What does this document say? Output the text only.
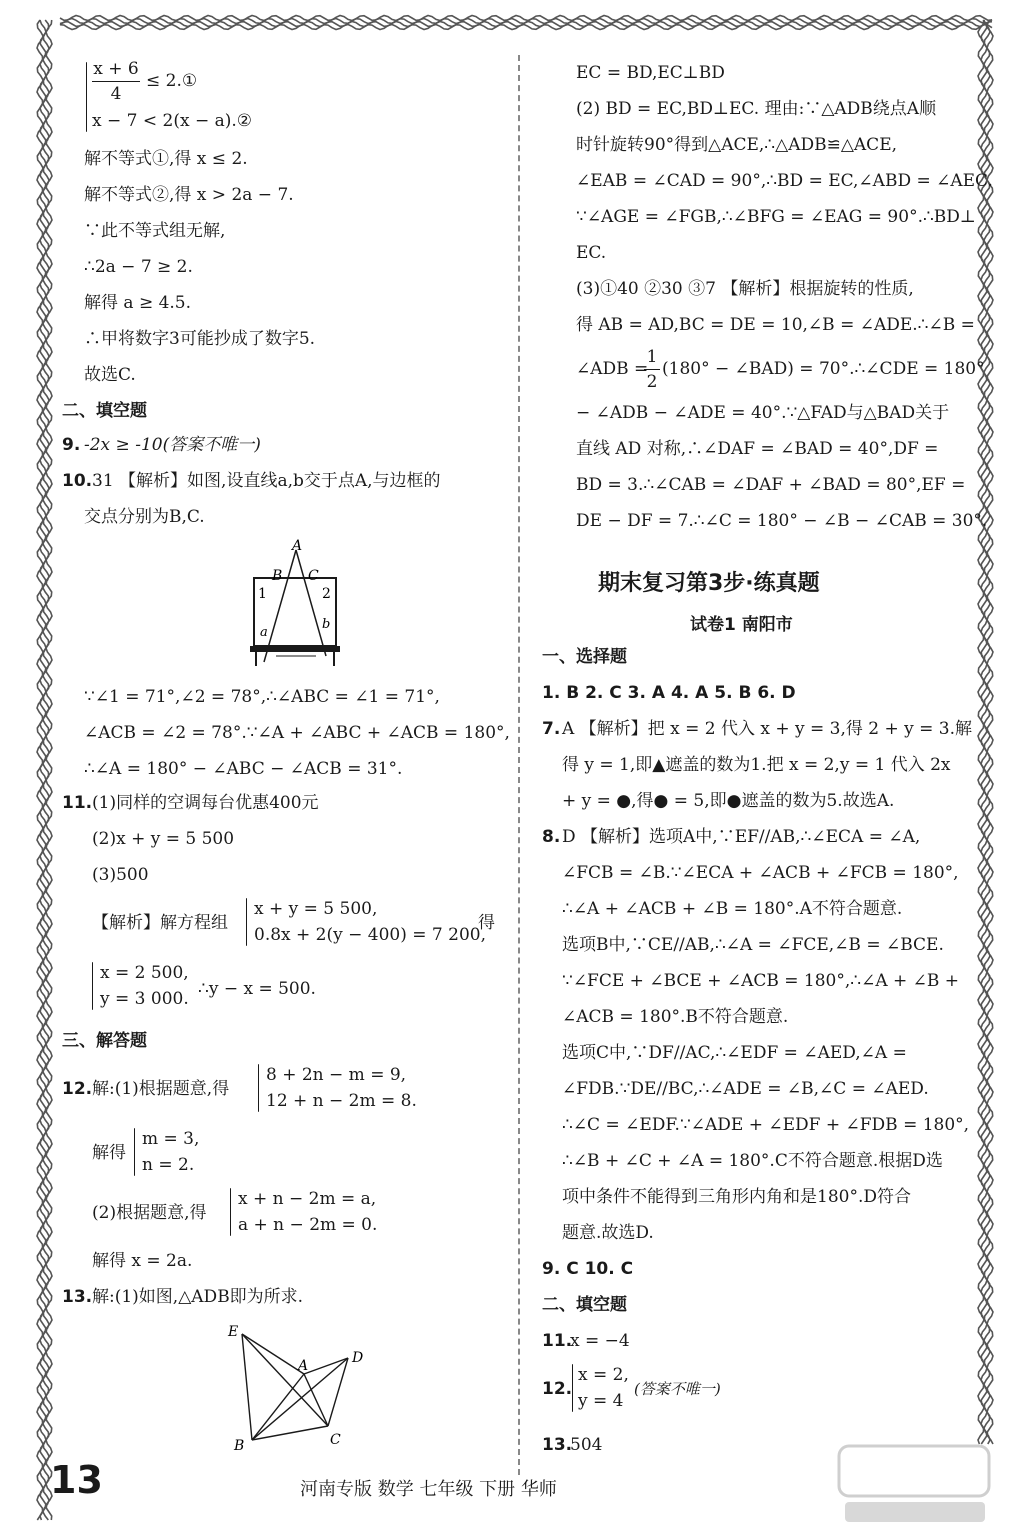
x + 6
4
≤ 2.①
x − 7 < 2(x − a).②
解不等式①,得 x ≤ 2.
解不等式②,得 x > 2a − 7.
∵此不等式组无解,
∴2a − 7 ≥ 2.
解得 a ≥ 4.5.
∴甲将数字3可能抄成了数字5.
故选C.
二、填空题
9. -2x ≥ -10(答案不唯一)
10. 31 【解析】如图,设直线a,b交于点A,与边框的
交点分别为B,C.
A
B C
1	2
a
b
∵∠1 = 71°,∠2 = 78°,∴∠ABC = ∠1 = 71°,
∠ACB = ∠2 = 78°.∵∠A + ∠ABC + ∠ACB = 180°,
∴∠A = 180° − ∠ABC − ∠ACB = 31°.
11. (1)同样的空调每台优惠400元
(2)x + y = 5 500
(3)500
【解析】解方程组
x + y = 5 500,
0.8x + 2(y − 400) = 7 200,
得
x = 2 500,
y = 3 000. ∴y − x = 500.
三、解答题
12. 解:(1)根据题意,得
8 + 2n − m = 9,
12 + n − 2m = 8.
解得
m = 3,
n = 2.
(2)根据题意,得
x + n − 2m = a,
a + n − 2m = 0.
解得 x = 2a.
13. 解:(1)如图,△ADB即为所求.
E
A	D
B	C
EC = BD,EC⊥BD
(2) BD = EC,BD⊥EC. 理由:∵△ADB绕点A顺
时针旋转90°得到△ACE,∴△ADB≌△ACE,
∠EAB = ∠CAD = 90°,∴BD = EC,∠ABD = ∠AEC.
∵∠AGE = ∠FGB,∴∠BFG = ∠EAG = 90°.∴BD⊥
EC.
(3)①40 ②30 ③7 【解析】根据旋转的性质,
得 AB = AD,BC = DE = 10,∠B = ∠ADE.∴∠B =
∠ADB =
1
2
(180° − ∠BAD) = 70°.∴∠CDE = 180°
− ∠ADB − ∠ADE = 40°.∵△FAD与△BAD关于
直线 AD 对称,∴∠DAF = ∠BAD = 40°,DF =
BD = 3.∴∠CAB = ∠DAF + ∠BAD = 80°,EF =
DE − DF = 7.∴∠C = 180° − ∠B − ∠CAB = 30°.
期末复习第3步·练真题
试卷1 南阳市
一、选择题
1. B 2. C 3. A 4. A 5. B 6. D
7. A 【解析】把 x = 2 代入 x + y = 3,得 2 + y = 3.解
得 y = 1,即▲遮盖的数为1.把 x = 2,y = 1 代入 2x
+ y = ●,得● = 5,即●遮盖的数为5.故选A.
8. D 【解析】选项A中,∵EF//AB,∴∠ECA = ∠A,
∠FCB = ∠B.∵∠ECA + ∠ACB + ∠FCB = 180°,
∴∠A + ∠ACB + ∠B = 180°.A不符合题意.
选项B中,∵CE//AB,∴∠A = ∠FCE,∠B = ∠BCE.
∵∠FCE + ∠BCE + ∠ACB = 180°,∴∠A + ∠B +
∠ACB = 180°.B不符合题意.
选项C中,∵DF//AC,∴∠EDF = ∠AED,∠A =
∠FDB.∵DE//BC,∴∠ADE = ∠B,∠C = ∠AED.
∴∠C = ∠EDF.∵∠ADE + ∠EDF + ∠FDB = 180°,
∴∠B + ∠C + ∠A = 180°.C不符合题意.根据D选
项中条件不能得到三角形内角和是180°.D符合
题意.故选D.
9. C 10. C
二、填空题
11.
x = −4
12.
x = 2,
y = 4
(答案不唯一)
13.
504
13	河南专版 数学 七年级 下册 华师
